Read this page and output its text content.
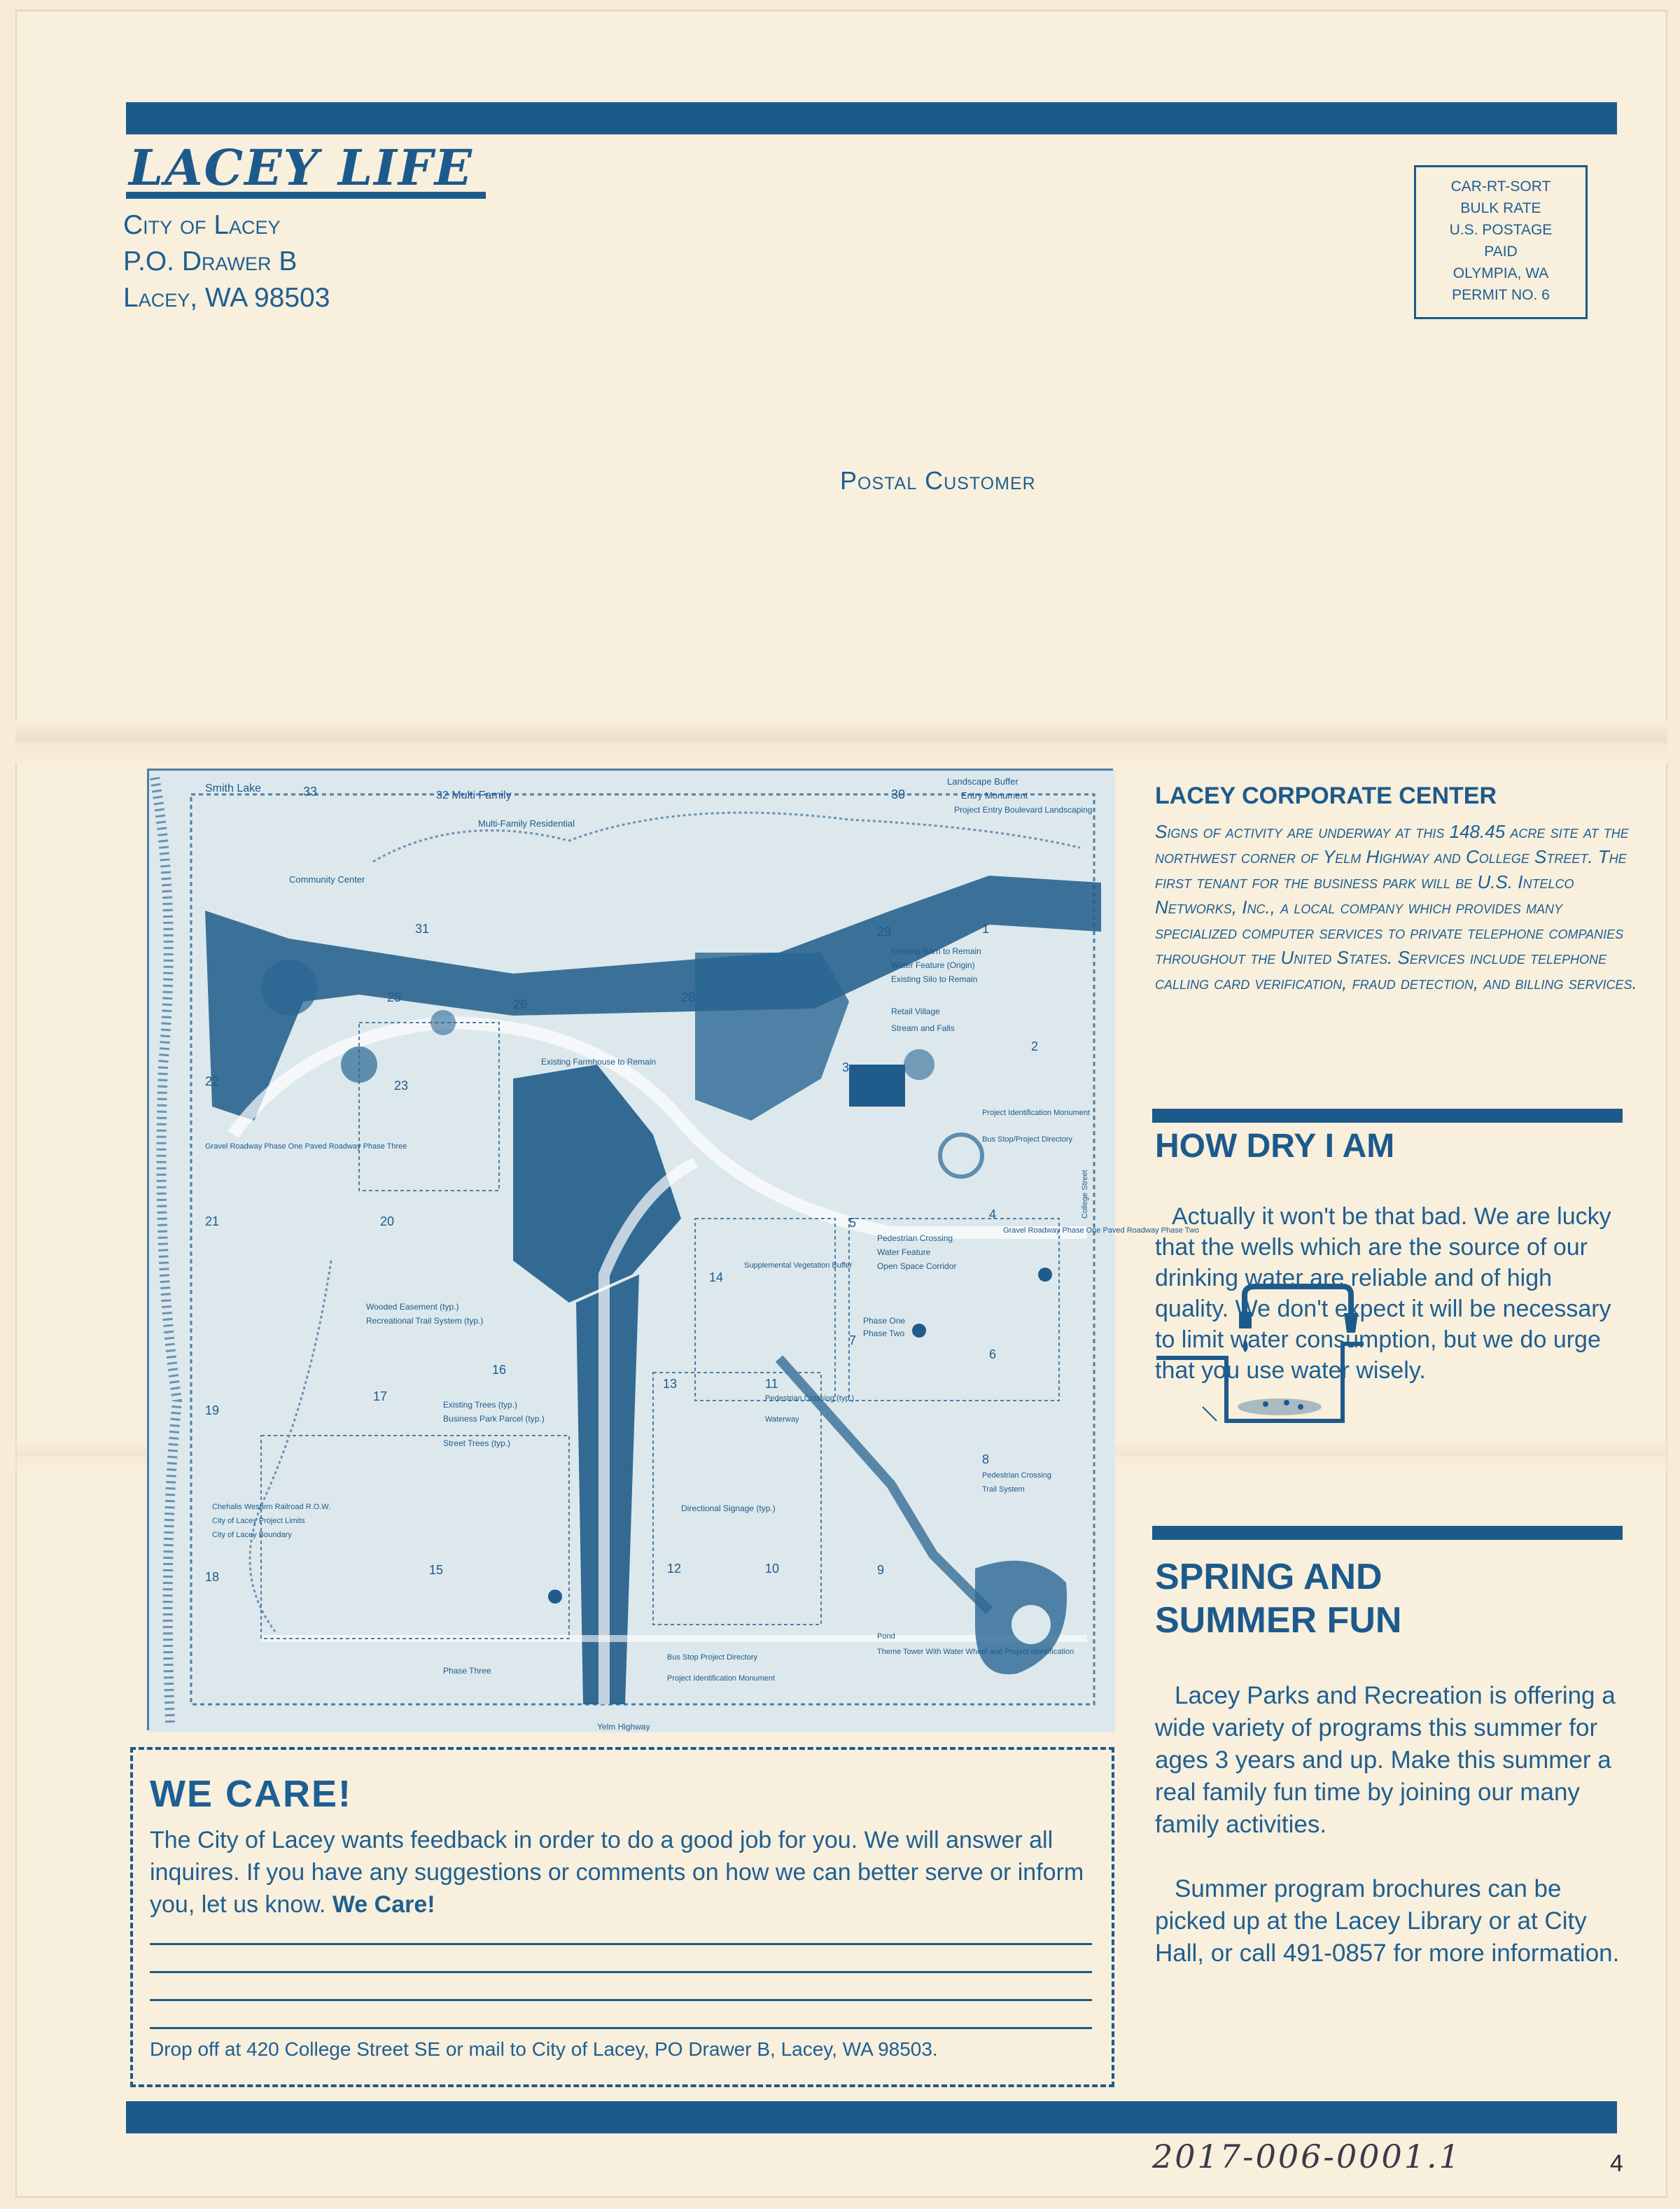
LACEY LIFE
City of Lacey
P.O. Drawer B
Lacey, WA 98503
CAR-RT-SORT
BULK RATE
U.S. POSTAGE
PAID
OLYMPIA, WA
PERMIT NO. 6
Postal Customer
Smith Lake
32 Multi Family
Multi-Family Residential
Community Center
Landscape Buffer
Entry Monument
Project Entry Boulevard Landscaping
Existing Barn to Remain
Water Feature (Origin)
Existing Silo to Remain
Retail Village
Stream and Falls
Existing Farmhouse to Remain
Project Identification Monument
Bus Stop/Project Directory
Gravel Roadway Phase One Paved Roadway Phase Three
Gravel Roadway Phase One Paved Roadway Phase Two
College Street
Pedestrian Crossing
Water Feature
Open Space Corridor
Supplemental Vegetation Buffer
Wooded Easement (typ.)
Recreational Trail System (typ.)	Phase One
Phase Two
Existing Trees (typ.)
Business Park Parcel (typ.)
Street Trees (typ.)
Pedestrian Crossing (typ.)
Waterway
Chehalis Western Railroad R.O.W.
City of Lacey Project Limits
City of Lacey Boundary
Directional Signage (typ.)
Pedestrian Crossing
Trail System
Phase Three
Bus Stop Project Directory
Project Identification Monument
Pond
Theme Tower With Water Wheel and Project Identification
Yelm Highway
33	30
1
31	29
2
25	26	28
3
22	23
4
21	20	5
14
6
7
16
17
13	11
8
19
18	15	12	10	9
LACEY CORPORATE CENTER
Signs of activity are underway at this 148.45 acre site at the northwest corner of Yelm Highway and College Street. The first tenant for the business park will be U.S. Intelco Networks, Inc., a local company which provides many specialized computer services to private telephone companies throughout the United States. Services include telephone calling card verification, fraud detection, and billing services.
HOW DRY I AM
Actually it won't be that bad. We are lucky that the wells which are the source of our drinking water are reliable and of high quality. We don't expect it will be necessary to limit water consumption, but we do urge that you use water wisely.
SPRING AND
SUMMER FUN

Lacey Parks and Recreation is offering a wide variety of programs this summer for ages 3 years and up. Make this summer a real family fun time by joining our many family activities.

Summer program brochures can be picked up at the Lacey Library or at City Hall, or call 491-0857 for more information.

WE CARE!
The City of Lacey wants feedback in order to do a good job for you. We will answer all inquires. If you have any suggestions or comments on how we can better serve or inform you, let us know. We Care!
Drop off at 420 College Street SE or mail to City of Lacey, PO Drawer B, Lacey, WA 98503.
2017-006-0001.1	4
